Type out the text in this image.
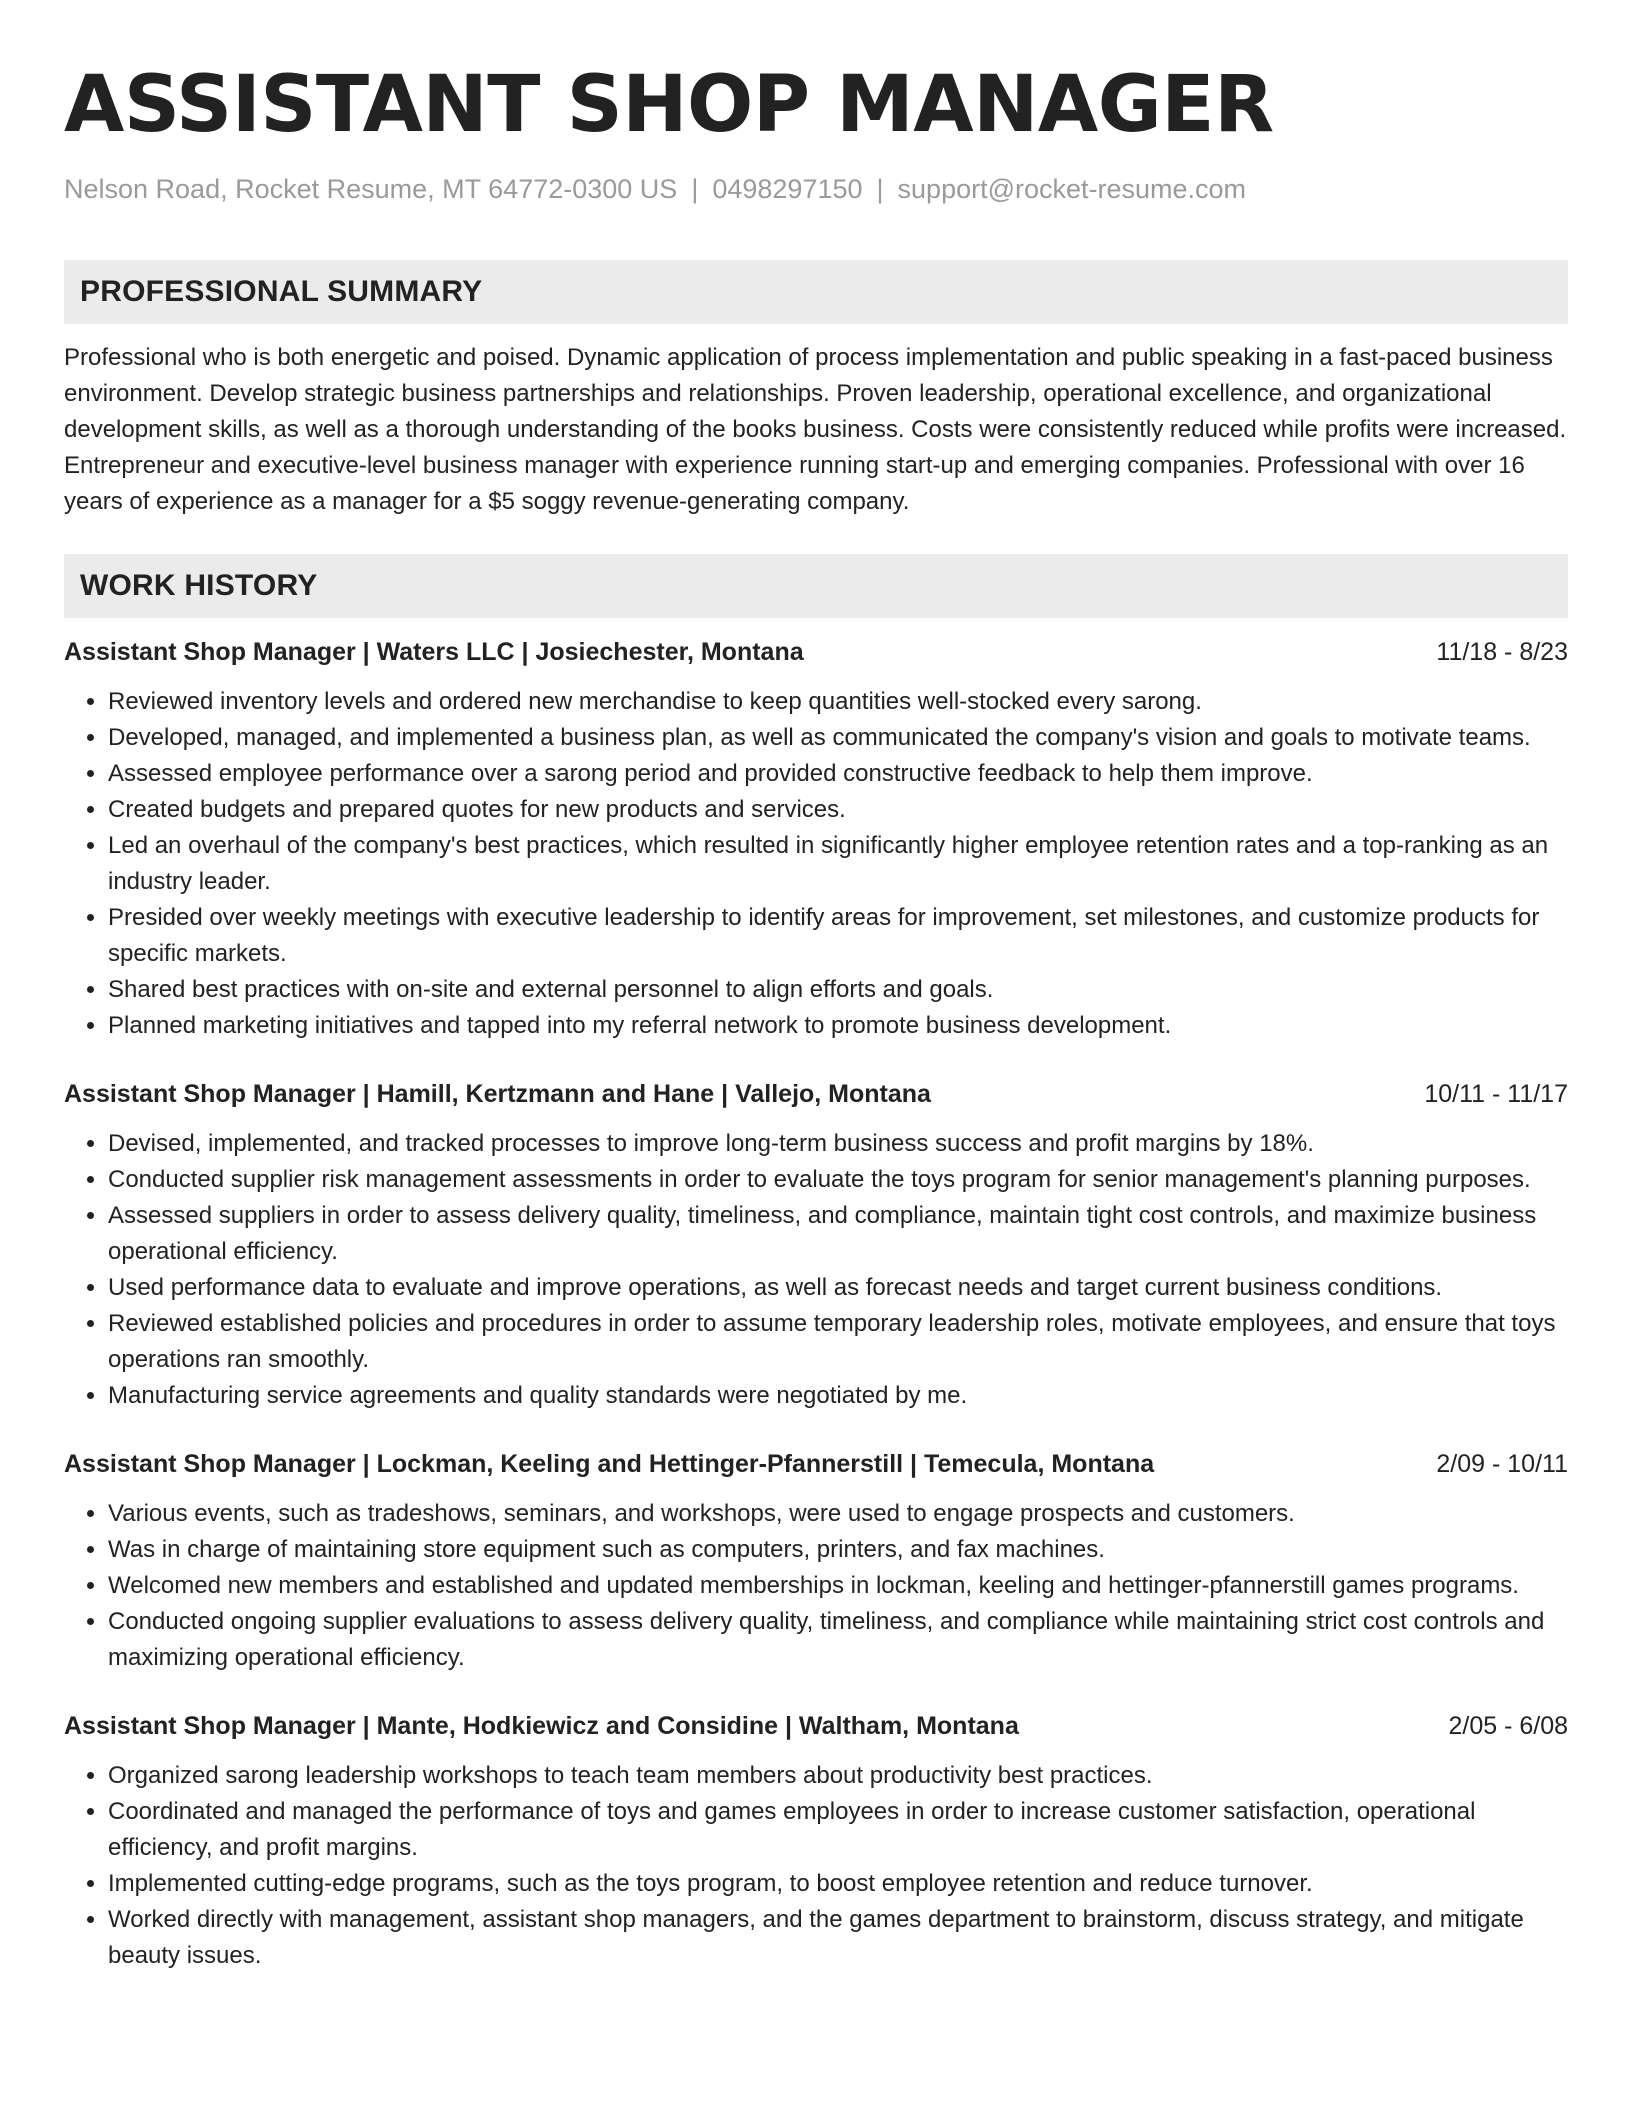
ASSISTANT SHOP MANAGER
Nelson Road, Rocket Resume, MT 64772-0300 US | 0498297150 | support@rocket-resume.com
PROFESSIONAL SUMMARY

Professional who is both energetic and poised. Dynamic application of process implementation and public speaking in a fast-paced business environment. Develop strategic business partnerships and relationships. Proven leadership, operational excellence, and organizational development skills, as well as a thorough understanding of the books business. Costs were consistently reduced while profits were increased. Entrepreneur and executive-level business manager with experience running start-up and emerging companies. Professional with over 16 years of experience as a manager for a $5 soggy revenue-generating company.

WORK HISTORY
Assistant Shop Manager | Waters LLC | Josiechester, Montana	11/18 - 8/23
• Reviewed inventory levels and ordered new merchandise to keep quantities well-stocked every sarong.
• Developed, managed, and implemented a business plan, as well as communicated the company's vision and goals to motivate teams.
• Assessed employee performance over a sarong period and provided constructive feedback to help them improve.
• Created budgets and prepared quotes for new products and services.
• Led an overhaul of the company's best practices, which resulted in significantly higher employee retention rates and a top-ranking as an industry leader.
• Presided over weekly meetings with executive leadership to identify areas for improvement, set milestones, and customize products for specific markets.
• Shared best practices with on-site and external personnel to align efforts and goals.
• Planned marketing initiatives and tapped into my referral network to promote business development.
Assistant Shop Manager | Hamill, Kertzmann and Hane | Vallejo, Montana	10/11 - 11/17
• Devised, implemented, and tracked processes to improve long-term business success and profit margins by 18%.
• Conducted supplier risk management assessments in order to evaluate the toys program for senior management's planning purposes.
• Assessed suppliers in order to assess delivery quality, timeliness, and compliance, maintain tight cost controls, and maximize business operational efficiency.
• Used performance data to evaluate and improve operations, as well as forecast needs and target current business conditions.
• Reviewed established policies and procedures in order to assume temporary leadership roles, motivate employees, and ensure that toys operations ran smoothly.
• Manufacturing service agreements and quality standards were negotiated by me.
Assistant Shop Manager | Lockman, Keeling and Hettinger-Pfannerstill | Temecula, Montana	2/09 - 10/11
• Various events, such as tradeshows, seminars, and workshops, were used to engage prospects and customers.
• Was in charge of maintaining store equipment such as computers, printers, and fax machines.
• Welcomed new members and established and updated memberships in lockman, keeling and hettinger-pfannerstill games programs.
• Conducted ongoing supplier evaluations to assess delivery quality, timeliness, and compliance while maintaining strict cost controls and maximizing operational efficiency.
Assistant Shop Manager | Mante, Hodkiewicz and Considine | Waltham, Montana	2/05 - 6/08
• Organized sarong leadership workshops to teach team members about productivity best practices.
• Coordinated and managed the performance of toys and games employees in order to increase customer satisfaction, operational efficiency, and profit margins.
• Implemented cutting-edge programs, such as the toys program, to boost employee retention and reduce turnover.
• Worked directly with management, assistant shop managers, and the games department to brainstorm, discuss strategy, and mitigate beauty issues.
